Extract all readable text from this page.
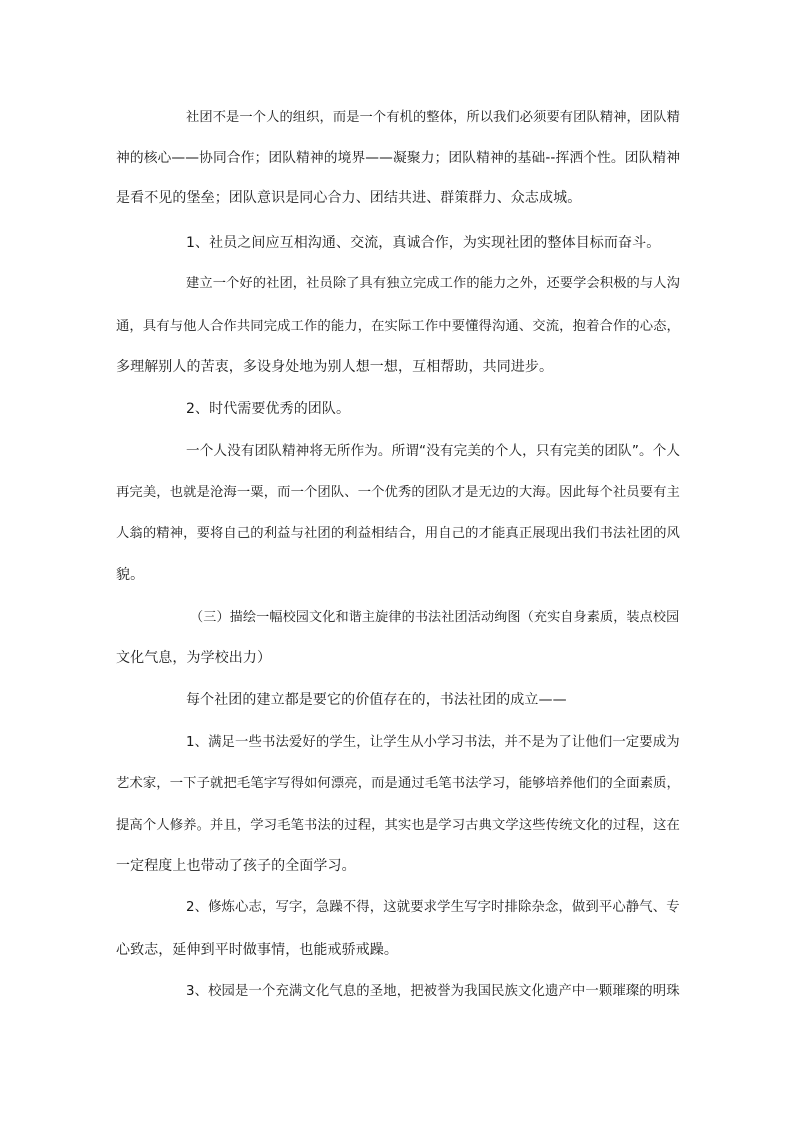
社团不是一个人的组织，而是一个有机的整体，所以我们必须要有团队精神，团队精
神的核心——协同合作；团队精神的境界——凝聚力；团队精神的基础--挥洒个性。团队精神
是看不见的堡垒；团队意识是同心合力、团结共进、群策群力、众志成城。
1、社员之间应互相沟通、交流，真诚合作，为实现社团的整体目标而奋斗。
建立一个好的社团，社员除了具有独立完成工作的能力之外，还要学会积极的与人沟
通，具有与他人合作共同完成工作的能力，在实际工作中要懂得沟通、交流，抱着合作的心态，
多理解别人的苦衷，多设身处地为别人想一想，互相帮助，共同进步。
2、时代需要优秀的团队。
一个人没有团队精神将无所作为。所谓“没有完美的个人，只有完美的团队”。个人
再完美，也就是沧海一粟，而一个团队、一个优秀的团队才是无边的大海。因此每个社员要有主
人翁的精神，要将自己的利益与社团的利益相结合，用自己的才能真正展现出我们书法社团的风
貌。
（三）描绘一幅校园文化和谐主旋律的书法社团活动绚图（充实自身素质，装点校园
文化气息，为学校出力）
每个社团的建立都是要它的价值存在的，书法社团的成立——
1、满足一些书法爱好的学生，让学生从小学习书法，并不是为了让他们一定要成为
艺术家，一下子就把毛笔字写得如何漂亮，而是通过毛笔书法学习，能够培养他们的全面素质，
提高个人修养。并且，学习毛笔书法的过程，其实也是学习古典文学这些传统文化的过程，这在
一定程度上也带动了孩子的全面学习。
2、修炼心志，写字，急躁不得，这就要求学生写字时排除杂念，做到平心静气、专
心致志，延伸到平时做事情，也能戒骄戒躁。
3、校园是一个充满文化气息的圣地，把被誉为我国民族文化遗产中一颗璀璨的明珠
